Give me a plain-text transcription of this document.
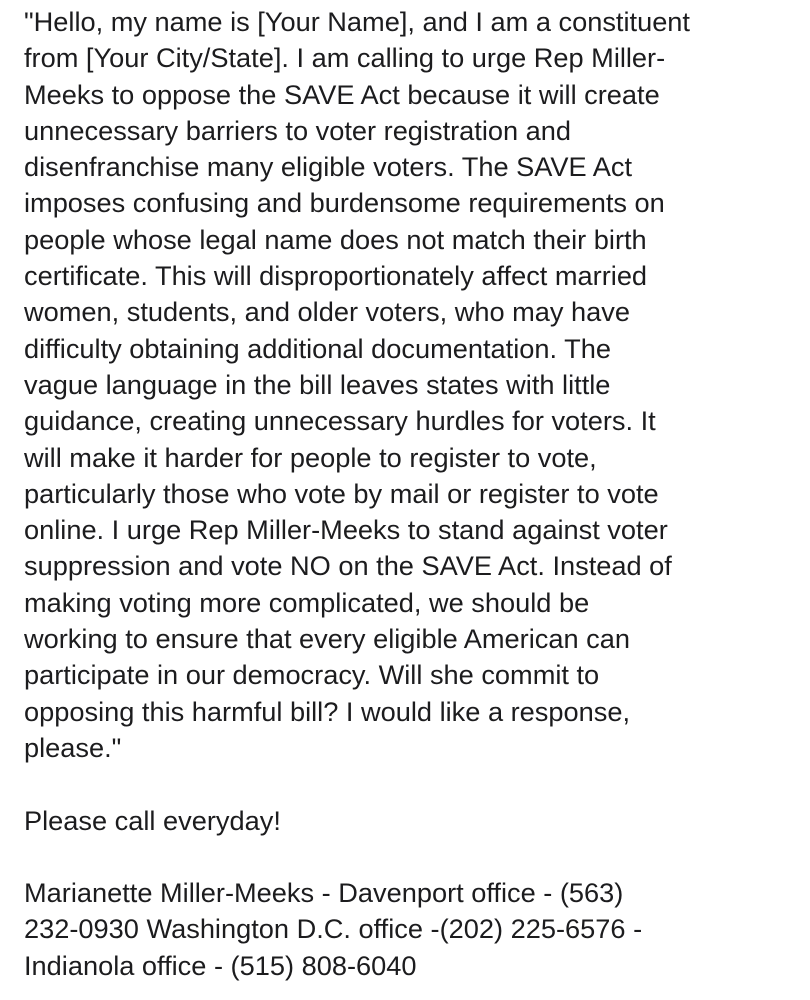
"Hello, my name is [Your Name], and I am a constituent
from [Your City/State]. I am calling to urge Rep Miller-
Meeks to oppose the SAVE Act because it will create
unnecessary barriers to voter registration and
disenfranchise many eligible voters. The SAVE Act
imposes confusing and burdensome requirements on
people whose legal name does not match their birth
certificate. This will disproportionately affect married
women, students, and older voters, who may have
difficulty obtaining additional documentation. The
vague language in the bill leaves states with little
guidance, creating unnecessary hurdles for voters. It
will make it harder for people to register to vote,
particularly those who vote by mail or register to vote
online. I urge Rep Miller-Meeks to stand against voter
suppression and vote NO on the SAVE Act. Instead of
making voting more complicated, we should be
working to ensure that every eligible American can
participate in our democracy. Will she commit to
opposing this harmful bill? I would like a response,
please."

Please call everyday!

Marianette Miller-Meeks - Davenport office - (563)
232-0930 Washington D.C. office -(202) 225-6576 -
Indianola office - (515) 808-6040
